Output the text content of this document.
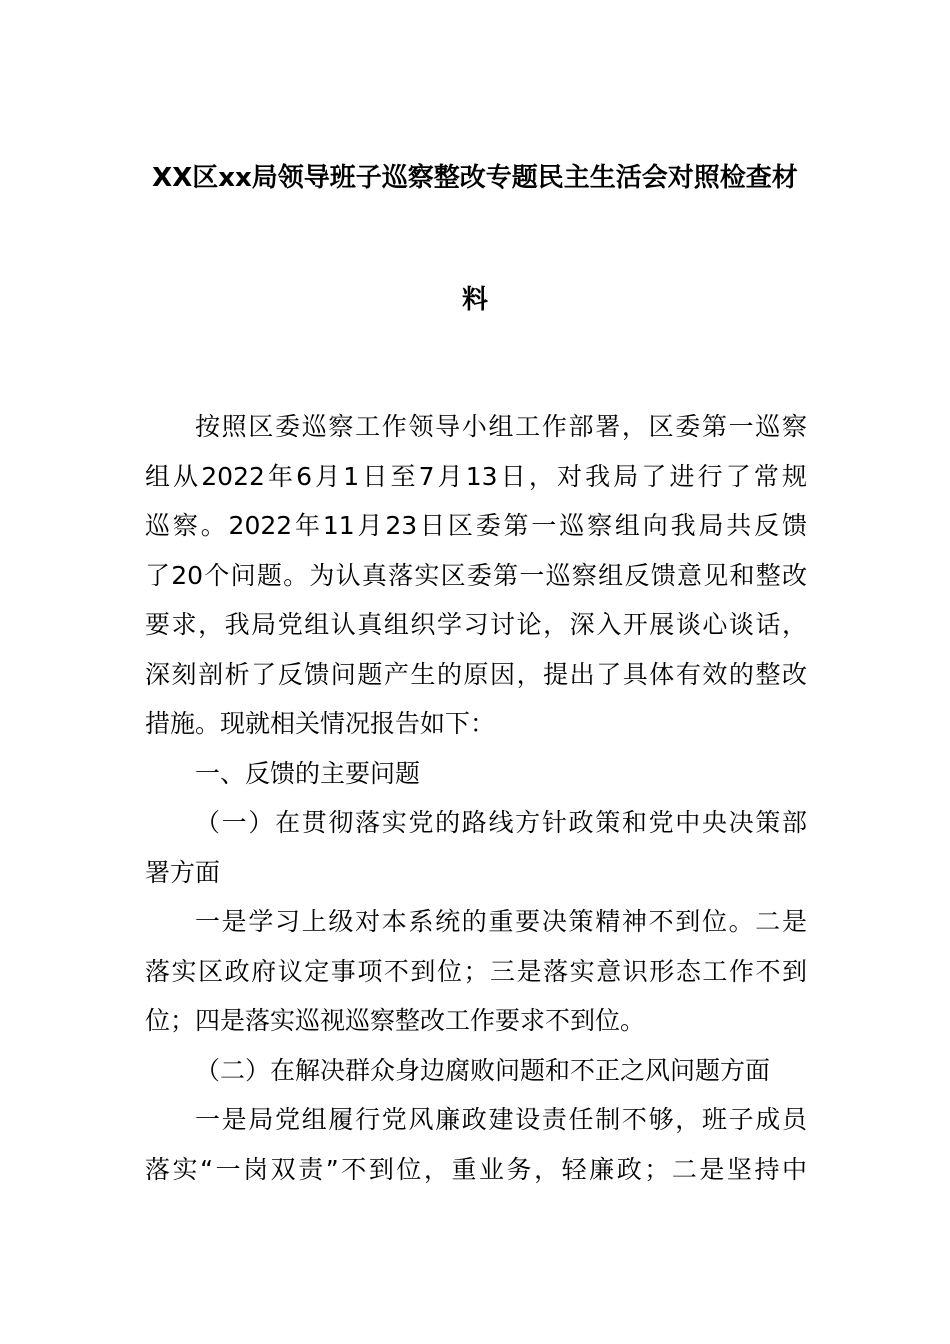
XX区xx局领导班子巡察整改专题民主生活会对照检查材
料
按照区委巡察工作领导小组工作部署，区委第一巡察
组从2022年6月1日至7月13日，对我局了进行了常规
巡察。2022年11月23日区委第一巡察组向我局共反馈
了20个问题。为认真落实区委第一巡察组反馈意见和整改
要求，我局党组认真组织学习讨论，深入开展谈心谈话，
深刻剖析了反馈问题产生的原因，提出了具体有效的整改
措施。现就相关情况报告如下：
一、反馈的主要问题
（一）在贯彻落实党的路线方针政策和党中央决策部
署方面
一是学习上级对本系统的重要决策精神不到位。二是
落实区政府议定事项不到位；三是落实意识形态工作不到
位；四是落实巡视巡察整改工作要求不到位。
（二）在解决群众身边腐败问题和不正之风问题方面
一是局党组履行党风廉政建设责任制不够，班子成员
落实“一岗双责”不到位，重业务，轻廉政；二是坚持中
